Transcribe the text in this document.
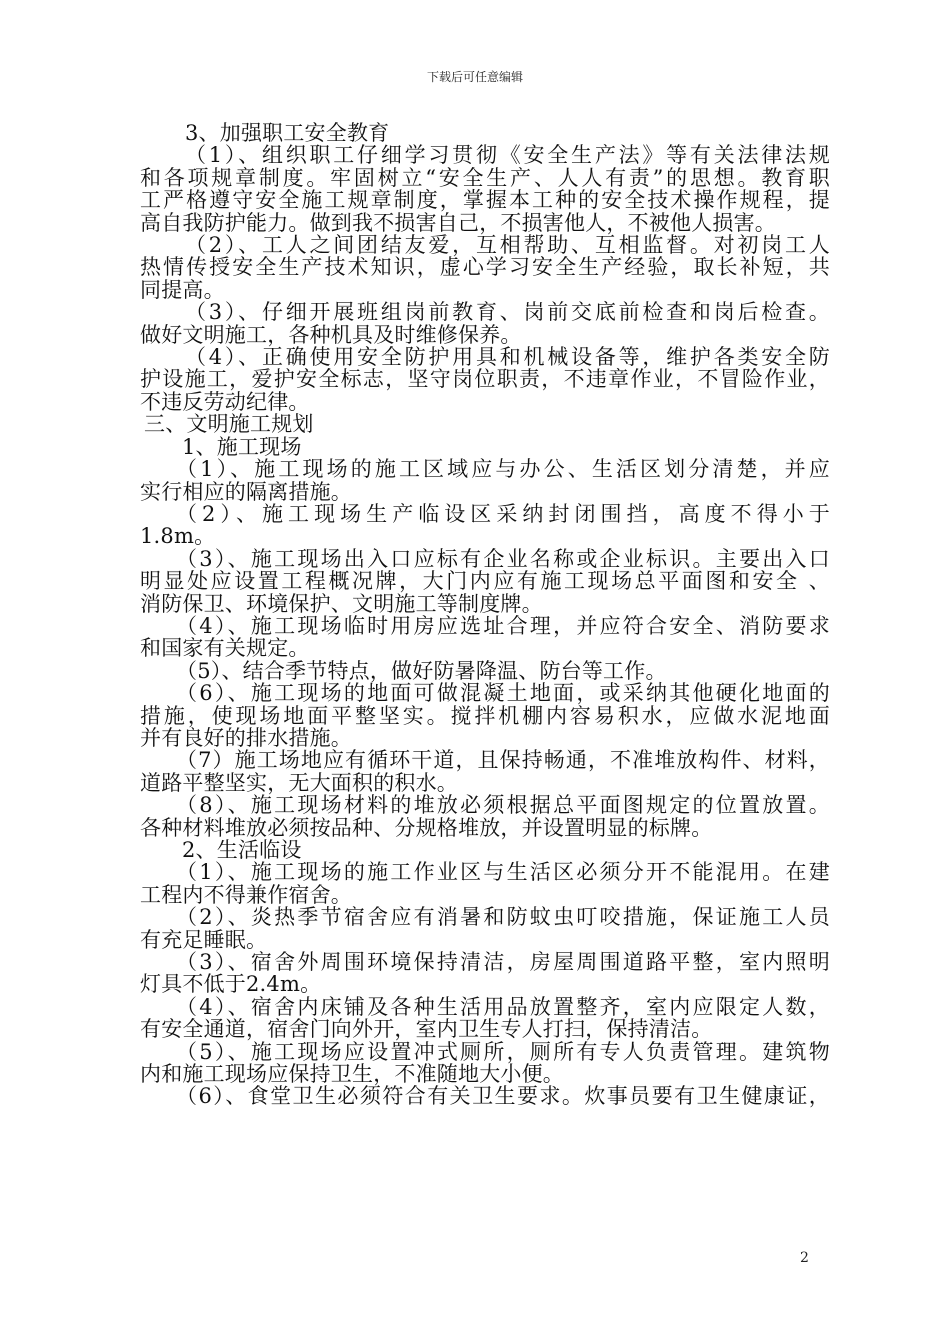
下载后可任意编辑
3、加强职工安全教育
（1）、组织职工仔细学习贯彻《安全生产法》等有关法律法规
和各项规章制度。牢固树立“安全生产、人人有责”的思想。教育职
工严格遵守安全施工规章制度，掌握本工种的安全技术操作规程，提
高自我防护能力。做到我不损害自己，不损害他人，不被他人损害。
（2）、工人之间团结友爱，互相帮助、互相监督。对初岗工人
热情传授安全生产技术知识，虚心学习安全生产经验，取长补短，共
同提高。
（3）、仔细开展班组岗前教育、岗前交底前检查和岗后检查。
做好文明施工，各种机具及时维修保养。
（4）、正确使用安全防护用具和机械设备等，维护各类安全防
护设施工，爱护安全标志，坚守岗位职责，不违章作业，不冒险作业，
不违反劳动纪律。
三、文明施工规划
1、施工现场
（1）、施工现场的施工区域应与办公、生活区划分清楚，并应
实行相应的隔离措施。
（2）、施工现场生产临设区采纳封闭围挡，高度不得小于
1.8m。
（3）、施工现场出入口应标有企业名称或企业标识。主要出入口
明显处应设置工程概况牌，大门内应有施工现场总平面图和安全 、
消防保卫、环境保护、文明施工等制度牌。
（4）、施工现场临时用房应选址合理，并应符合安全、消防要求
和国家有关规定。
（5）、结合季节特点，做好防暑降温、防台等工作。
（6）、施工现场的地面可做混凝土地面，或采纳其他硬化地面的
措施，使现场地面平整坚实。搅拌机棚内容易积水，应做水泥地面
并有良好的排水措施。
（7）施工场地应有循环干道，且保持畅通，不准堆放构件、材料，
道路平整坚实，无大面积的积水。
（8）、施工现场材料的堆放必须根据总平面图规定的位置放置。
各种材料堆放必须按品种、分规格堆放，并设置明显的标牌。
2、生活临设
（1）、施工现场的施工作业区与生活区必须分开不能混用。在建
工程内不得兼作宿舍。
（2）、炎热季节宿舍应有消暑和防蚊虫叮咬措施，保证施工人员
有充足睡眠。
（3）、宿舍外周围环境保持清洁，房屋周围道路平整，室内照明
灯具不低于2.4m。
（4）、宿舍内床铺及各种生活用品放置整齐，室内应限定人数，
有安全通道，宿舍门向外开，室内卫生专人打扫，保持清洁。
（5）、施工现场应设置冲式厕所，厕所有专人负责管理。建筑物
内和施工现场应保持卫生，不准随地大小便。
（6）、食堂卫生必须符合有关卫生要求。炊事员要有卫生健康证，
2
